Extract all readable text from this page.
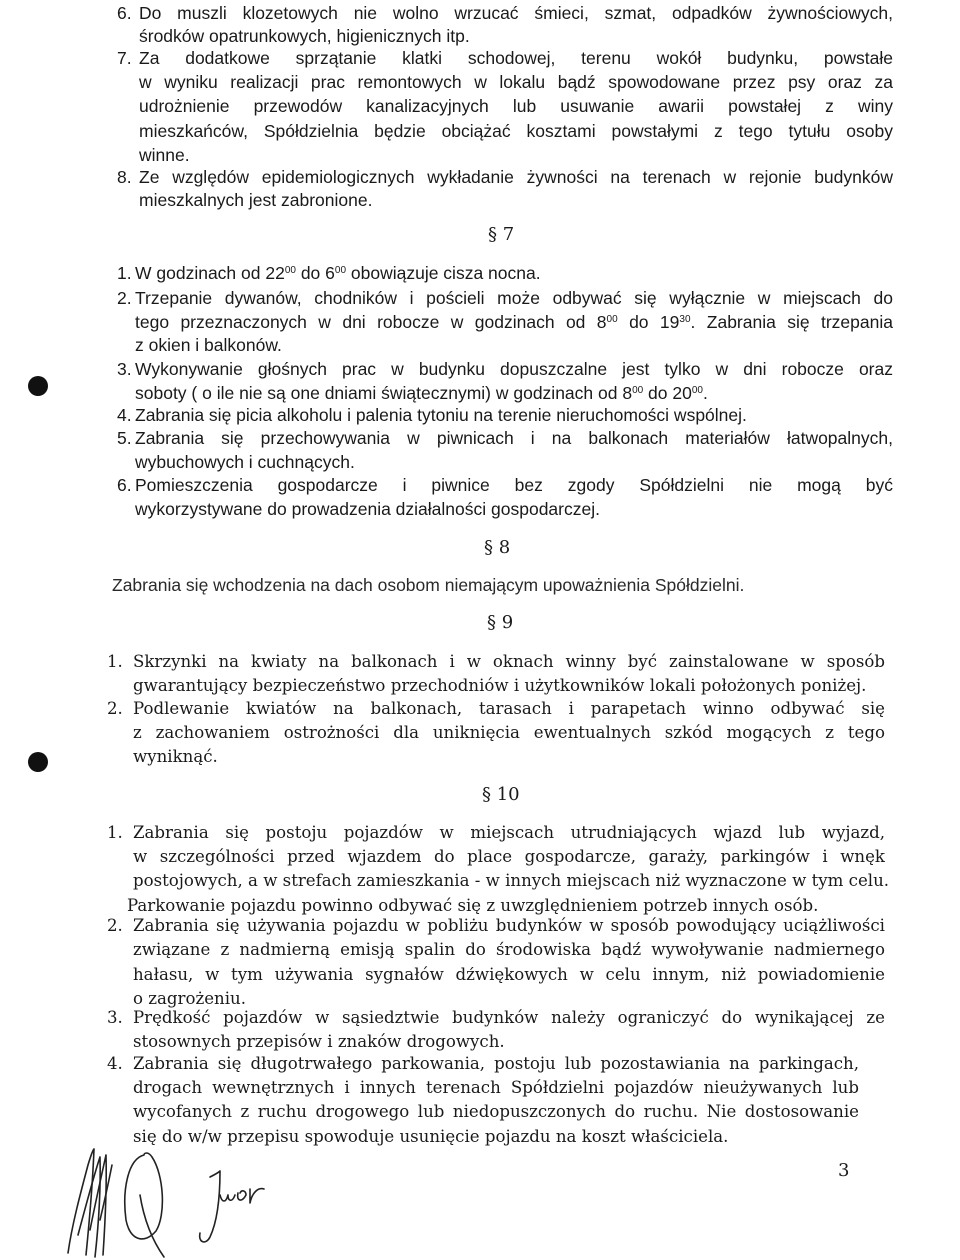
6. Do muszli klozetowych nie wolno wrzucać śmieci, szmat, odpadków żywnościowych,
środków opatrunkowych, higienicznych itp.
7. Za dodatkowe sprzątanie klatki schodowej, terenu wokół budynku, powstałe
w wyniku realizacji prac remontowych w lokalu bądź spowodowane przez psy oraz za
udrożnienie przewodów kanalizacyjnych lub usuwanie awarii powstałej z winy
mieszkańców, Spółdzielnia będzie obciążać kosztami powstałymi z tego tytułu osoby
winne.
8. Ze względów epidemiologicznych wykładanie żywności na terenach w rejonie budynków
mieszkalnych jest zabronione.
§ 7
1. W godzinach od $22^{00}$ do $6^{00}$ obowiązuje cisza nocna.
2. Trzepanie dywanów, chodników i pościeli może odbywać się wyłącznie w miejscach do
tego przeznaczonych w dni robocze w godzinach od $8^{00}$ do $19^{30}$. Zabrania się trzepania
z okien i balkonów.
3. Wykonywanie głośnych prac w budynku dopuszczalne jest tylko w dni robocze oraz
soboty ( o ile nie są one dniami świątecznymi) w godzinach od $8^{00}$ do $20^{00}$.
4. Zabrania się picia alkoholu i palenia tytoniu na terenie nieruchomości wspólnej.
5. Zabrania się przechowywania w piwnicach i na balkonach materiałów łatwopalnych,
wybuchowych i cuchnących.
6. Pomieszczenia gospodarcze i piwnice bez zgody Spółdzielni nie mogą być
wykorzystywane do prowadzenia działalności gospodarczej.
§ 8
Zabrania się wchodzenia na dach osobom niemającym upoważnienia Spółdzielni.
§ 9
1. Skrzynki na kwiaty na balkonach i w oknach winny być zainstalowane w sposób
gwarantujący bezpieczeństwo przechodniów i użytkowników lokali położonych poniżej.
2. Podlewanie kwiatów na balkonach, tarasach i parapetach winno odbywać się
z zachowaniem ostrożności dla uniknięcia ewentualnych szkód mogących z tego
wyniknąć.
§ 10
1. Zabrania się postoju pojazdów w miejscach utrudniających wjazd lub wyjazd,
w szczególności przed wjazdem do place gospodarcze, garaży, parkingów i wnęk
postojowych, a w strefach zamieszkania - w innych miejscach niż wyznaczone w tym celu.
Parkowanie pojazdu powinno odbywać się z uwzględnieniem potrzeb innych osób.
2. Zabrania się używania pojazdu w pobliżu budynków w sposób powodujący uciążliwości
związane z nadmierną emisją spalin do środowiska bądź wywoływanie nadmiernego
hałasu, w tym używania sygnałów dźwiękowych w celu innym, niż powiadomienie
o zagrożeniu.
3. Prędkość pojazdów w sąsiedztwie budynków należy ograniczyć do wynikającej ze
stosownych przepisów i znaków drogowych.
4. Zabrania się długotrwałego parkowania, postoju lub pozostawiania na parkingach,
drogach wewnętrznych i innych terenach Spółdzielni pojazdów nieużywanych lub
wycofanych z ruchu drogowego lub niedopuszczonych do ruchu. Nie dostosowanie
się do w/w przepisu spowoduje usunięcie pojazdu na koszt właściciela.
3
